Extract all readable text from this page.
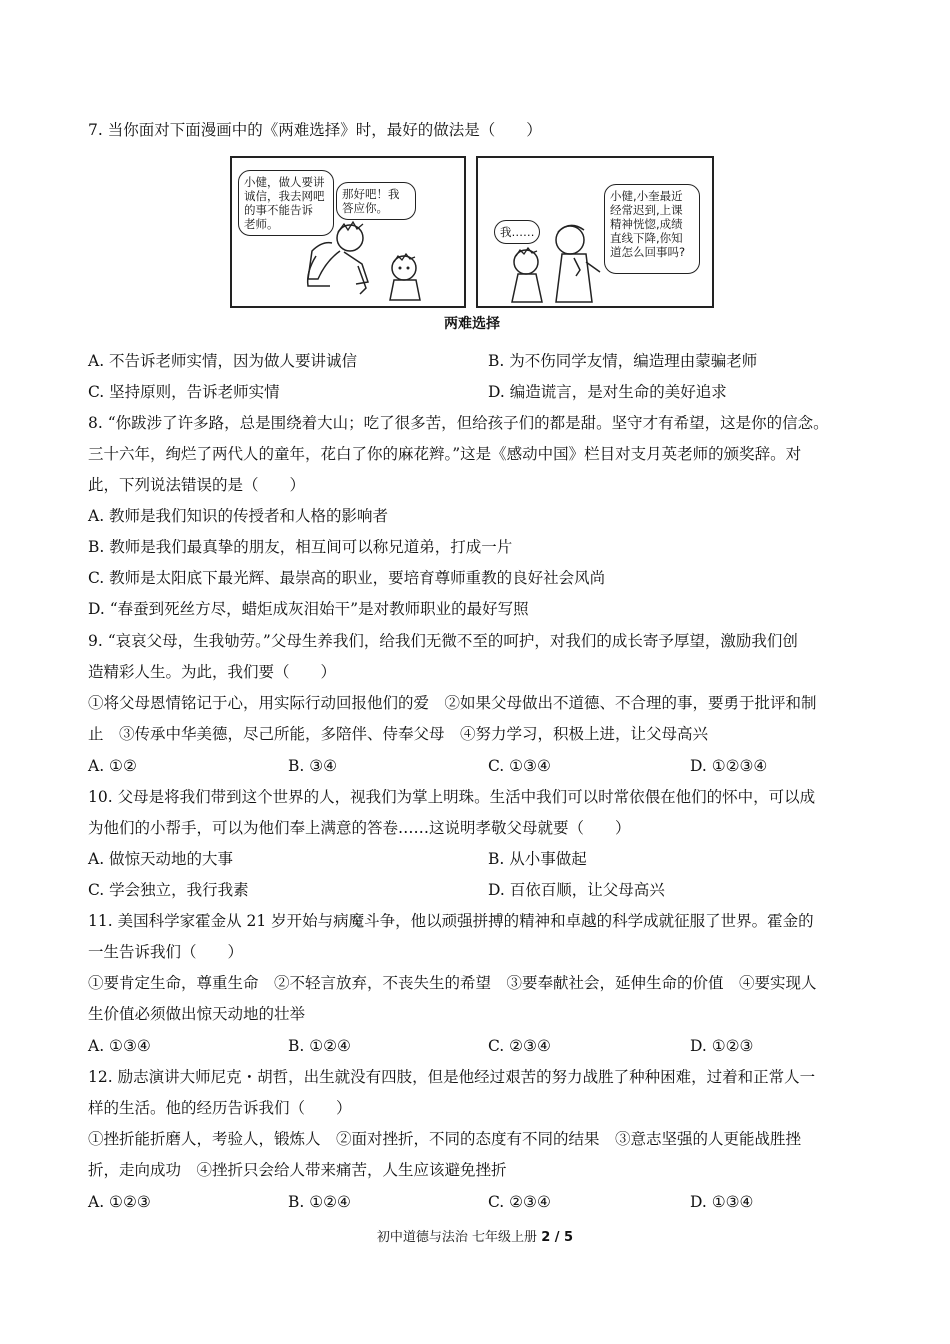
7. 当你面对下面漫画中的《两难选择》时，最好的做法是（　　）
小健，做人要讲
诚信，我去网吧
的事不能告诉
老师。
那好吧！我
答应你。
我……
小健,小奎最近
经常迟到,上课
精神恍惚,成绩
直线下降,你知
道怎么回事吗?
两难选择
A. 不告诉老师实情，因为做人要讲诚信	B. 为不伤同学友情，编造理由蒙骗老师
C. 坚持原则，告诉老师实情	D. 编造谎言，是对生命的美好追求
8. “你跋涉了许多路，总是围绕着大山；吃了很多苦，但给孩子们的都是甜。坚守才有希望，这是你的信念。
三十六年，绚烂了两代人的童年，花白了你的麻花辫。”这是《感动中国》栏目对支月英老师的颁奖辞。对
此，下列说法错误的是（　　）
A. 教师是我们知识的传授者和人格的影响者
B. 教师是我们最真挚的朋友，相互间可以称兄道弟，打成一片
C. 教师是太阳底下最光辉、最崇高的职业，要培育尊师重教的良好社会风尚
D. “春蚕到死丝方尽，蜡炬成灰泪始干”是对教师职业的最好写照
9. “哀哀父母，生我劬劳。”父母生养我们，给我们无微不至的呵护，对我们的成长寄予厚望，激励我们创
造精彩人生。为此，我们要（　　）
①将父母恩情铭记于心，用实际行动回报他们的爱　②如果父母做出不道德、不合理的事，要勇于批评和制
止　③传承中华美德，尽己所能，多陪伴、侍奉父母　④努力学习，积极上进，让父母高兴
A. ①②	B. ③④	C. ①③④	D. ①②③④
10. 父母是将我们带到这个世界的人，视我们为掌上明珠。生活中我们可以时常依偎在他们的怀中，可以成
为他们的小帮手，可以为他们奉上满意的答卷……这说明孝敬父母就要（　　）
A. 做惊天动地的大事	B. 从小事做起
C. 学会独立，我行我素	D. 百依百顺，让父母高兴
11. 美国科学家霍金从 21 岁开始与病魔斗争，他以顽强拼搏的精神和卓越的科学成就征服了世界。霍金的
一生告诉我们（　　）
①要肯定生命，尊重生命　②不轻言放弃，不丧失生的希望　③要奉献社会，延伸生命的价值　④要实现人
生价值必须做出惊天动地的壮举
A. ①③④	B. ①②④	C. ②③④	D. ①②③
12. 励志演讲大师尼克・胡哲，出生就没有四肢，但是他经过艰苦的努力战胜了种种困难，过着和正常人一
样的生活。他的经历告诉我们（　　）
①挫折能折磨人，考验人，锻炼人　②面对挫折，不同的态度有不同的结果　③意志坚强的人更能战胜挫
折，走向成功　④挫折只会给人带来痛苦，人生应该避免挫折
A. ①②③	B. ①②④	C. ②③④	D. ①③④
初中道德与法治 七年级上册 2 / 5
